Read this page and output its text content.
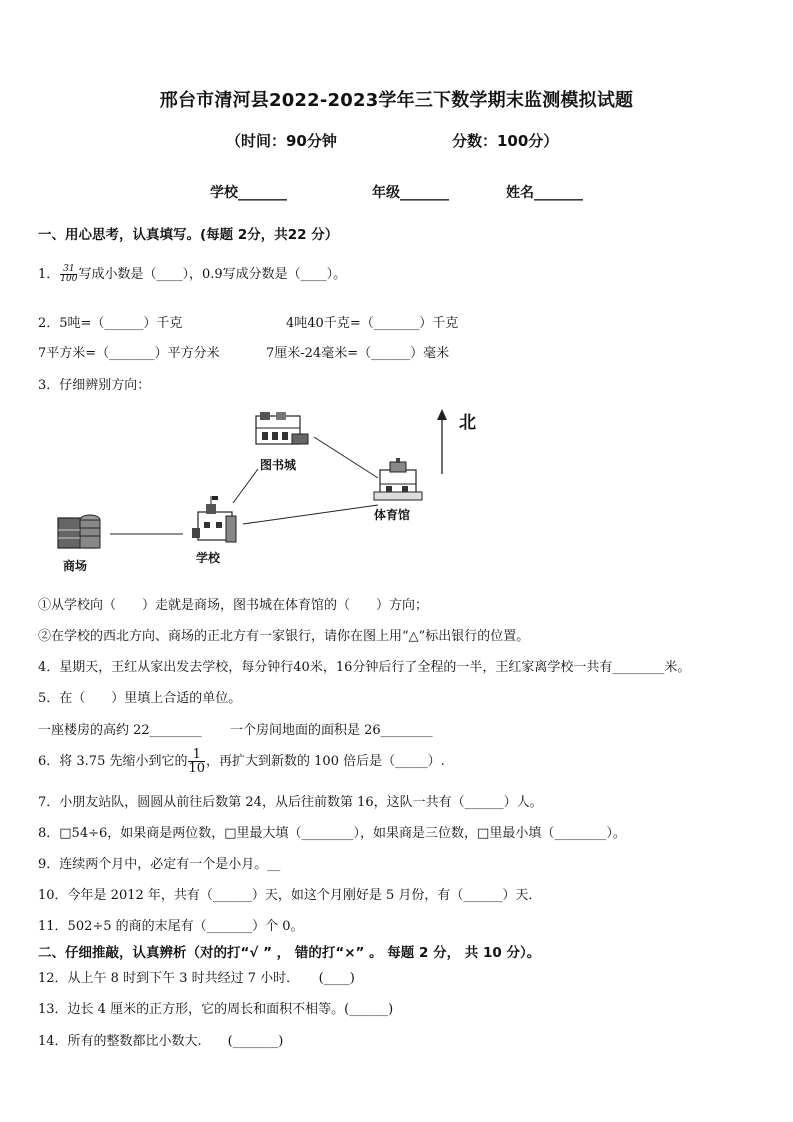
邢台市清河县2022-2023学年三下数学期末监测模拟试题
（时间：90分钟	分数：100分）
学校_______	年级_______	姓名_______
一、用心思考，认真填写。(每题 2分，共22 分）
1． $\frac{31}{100}$ 写成小数是（____），0.9写成分数是（____）。
2．5吨=（______）千克	4吨40千克=（_______）千克
7平方米=（_______）平方分米	7厘米-24毫米=（______）毫米
3．仔细辨别方向：
图书城
体育馆
学校
商场
北
①从学校向（　　）走就是商场，图书城在体育馆的（　　）方向；
②在学校的西北方向、商场的正北方有一家银行，请你在图上用“△”标出银行的位置。
4．星期天，王红从家出发去学校，每分钟行40米，16分钟后行了全程的一半，王红家离学校一共有________米。
5．在（　　）里填上合适的单位。
一座楼房的高约 22________ 一个房间地面的面积是 26________
6．将 3.75 先缩小到它的 $\frac{1}{10}$ ，再扩大到新数的 100 倍后是（_____）.
7．小朋友站队，圆圆从前往后数第 24，从后往前数第 16，这队一共有（______）人。
8．□54÷6，如果商是两位数，□里最大填（________），如果商是三位数，□里最小填（________）。
9．连续两个月中，必定有一个是小月。__
10．今年是 2012 年，共有（______）天，如这个月刚好是 5 月份，有（______）天．
11．502÷5 的商的末尾有（_______）个 0。
二、仔细推敲，认真辨析（对的打“√ ” ， 错的打“×” 。 每题 2 分， 共 10 分）。
12．从上午 8 时到下午 3 时共经过 7 小时．　　(____)
13．边长 4 厘米的正方形，它的周长和面积不相等。(______)
14．所有的整数都比小数大.　　(_______)
